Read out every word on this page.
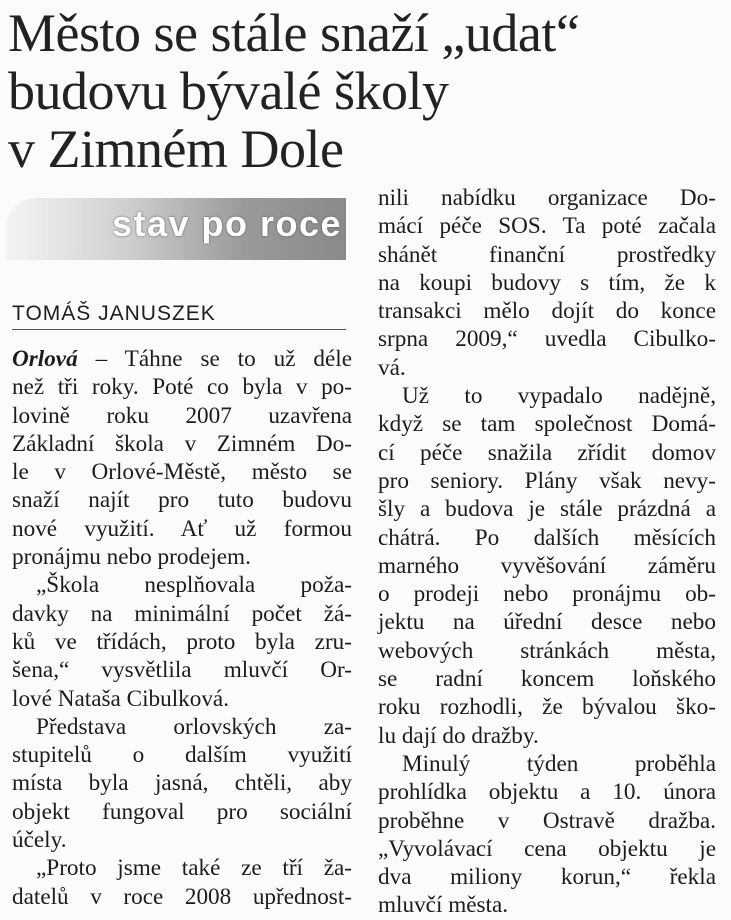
Město se stále snaží „udat“
budovu bývalé školy
v Zimném Dole
stav po roce
TOMÁŠ JANUSZEK
Orlová – Táhne se to už déle
než tři roky. Poté co byla v po-
lovině roku 2007 uzavřena
Základní škola v Zimném Do-
le v Orlové-Městě, město se
snaží najít pro tuto budovu
nové využití. Ať už formou
pronájmu nebo prodejem.
„Škola nesplňovala poža-
davky na minimální počet žá-
ků ve třídách, proto byla zru-
šena,“ vysvětlila mluvčí Or-
lové Nataša Cibulková.
Představa orlovských za-
stupitelů o dalším využití
místa byla jasná, chtěli, aby
objekt fungoval pro sociální
účely.
„Proto jsme také ze tří ža-
datelů v roce 2008 upřednost-
nili nabídku organizace Do-
mácí péče SOS. Ta poté začala
shánět finanční prostředky
na koupi budovy s tím, že k
transakci mělo dojít do konce
srpna 2009,“ uvedla Cibulko-
vá.
Už to vypadalo nadějně,
když se tam společnost Domá-
cí péče snažila zřídit domov
pro seniory. Plány však nevy-
šly a budova je stále prázdná a
chátrá. Po dalších měsících
marného vyvěšování záměru
o prodeji nebo pronájmu ob-
jektu na úřední desce nebo
webových stránkách města,
se radní koncem loňského
roku rozhodli, že bývalou ško-
lu dají do dražby.
Minulý týden proběhla
prohlídka objektu a 10. února
proběhne v Ostravě dražba.
„Vyvolávací cena objektu je
dva miliony korun,“ řekla
mluvčí města.
